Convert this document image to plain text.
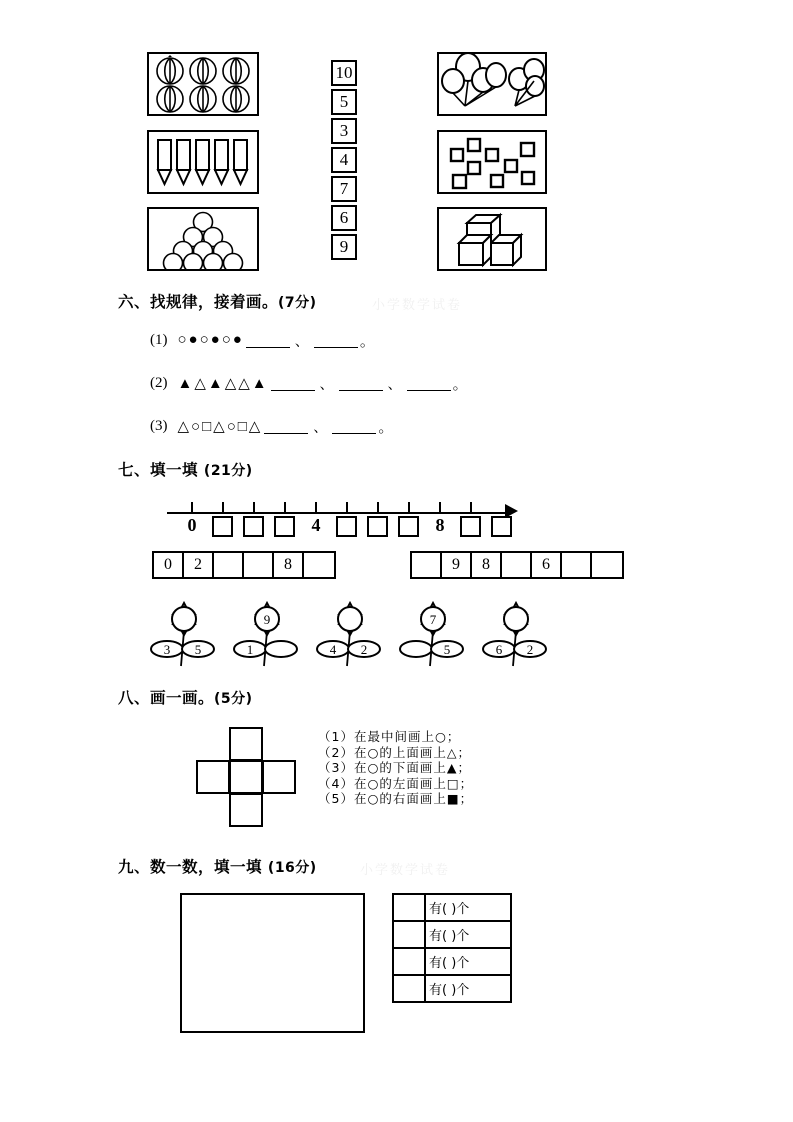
10
5
3
4
7
6
9
六、找规律，接着画。(7分)	小学数学试卷
(1) ○●○●○●	、	。
(2) ▲△▲△△▲	、	、	。
(3) △○□△○□△	、	。
七、填一填 (21分)
0	4	8
0	2	8	9	8	6
3	5
9
1	4	2
7
5	6	2
八、画一画。(5分)
（1）在最中间画上○；
（2）在○的上面画上△；
（3）在○的下面画上▲；
（4）在○的左面画上□；
（5）在○的右面画上■；
九、数一数，填一填 (16分)	小学数学试卷
	有( )个
	有( )个
	有( )个
	有( )个
